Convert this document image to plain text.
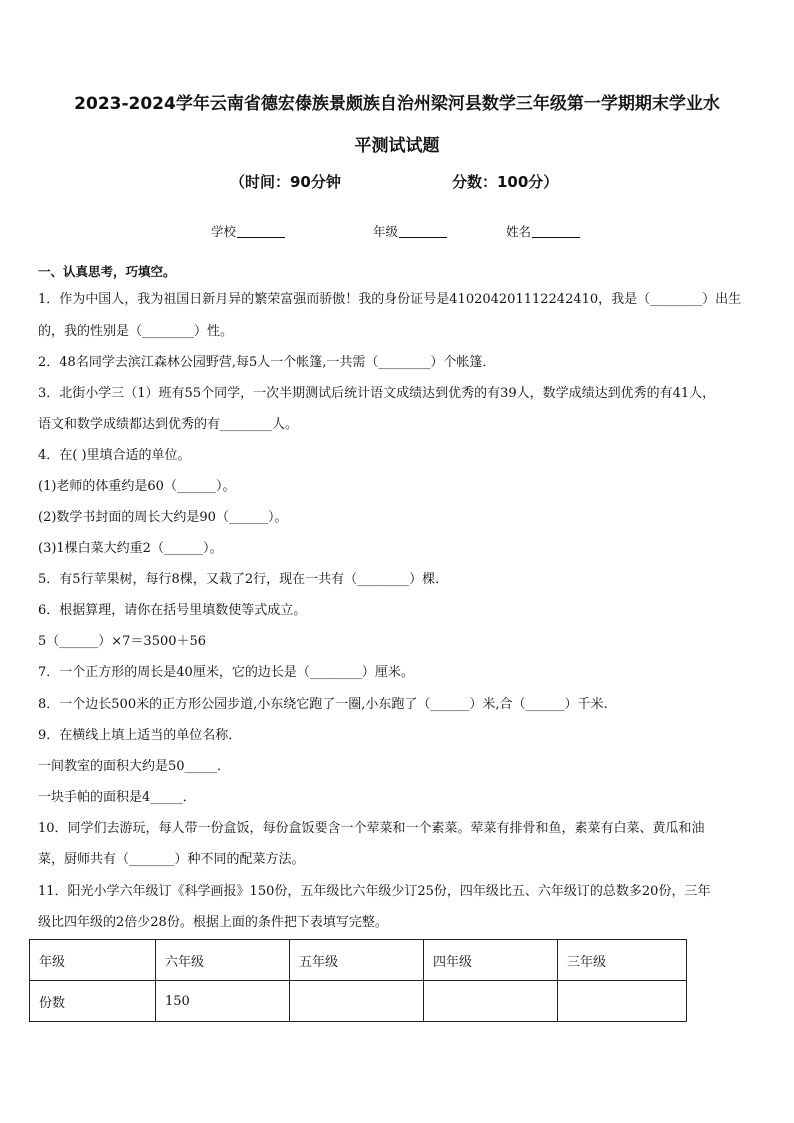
2023-2024学年云南省德宏傣族景颇族自治州梁河县数学三年级第一学期期末学业水
平测试试题
（时间：90分钟	分数：100分）
学校	年级	姓名
一、认真思考，巧填空。
1．作为中国人，我为祖国日新月异的繁荣富强而骄傲！我的身份证号是410204201112242410，我是（________）出生
的，我的性别是（________）性。
2．48名同学去滨江森林公园野营,每5人一个帐篷,一共需（________）个帐篷．
3．北街小学三（1）班有55个同学，一次半期测试后统计语文成绩达到优秀的有39人，数学成绩达到优秀的有41人，
语文和数学成绩都达到优秀的有________人。
4．在( )里填合适的单位。
(1)老师的体重约是60（______）。
(2)数学书封面的周长大约是90（______）。
(3)1棵白菜大约重2（______）。
5．有5行苹果树，每行8棵，又栽了2行，现在一共有（________）棵．
6．根据算理，请你在括号里填数使等式成立。
5（______）×7＝3500＋56
7．一个正方形的周长是40厘米，它的边长是（________）厘米。
8．一个边长500米的正方形公园步道,小东绕它跑了一圈,小东跑了（______）米,合（______）千米.
9．在横线上填上适当的单位名称．
一间教室的面积大约是50_____．
一块手帕的面积是4_____．
10．同学们去游玩，每人带一份盒饭，每份盒饭要含一个荤菜和一个素菜。荤菜有排骨和鱼，素菜有白菜、黄瓜和油
菜，厨师共有（_______）种不同的配菜方法。
11．阳光小学六年级订《科学画报》150份，五年级比六年级少订25份，四年级比五、六年级订的总数多20份，三年
级比四年级的2倍少28份。根据上面的条件把下表填写完整。
年级	六年级	五年级	四年级	三年级
份数	150			
